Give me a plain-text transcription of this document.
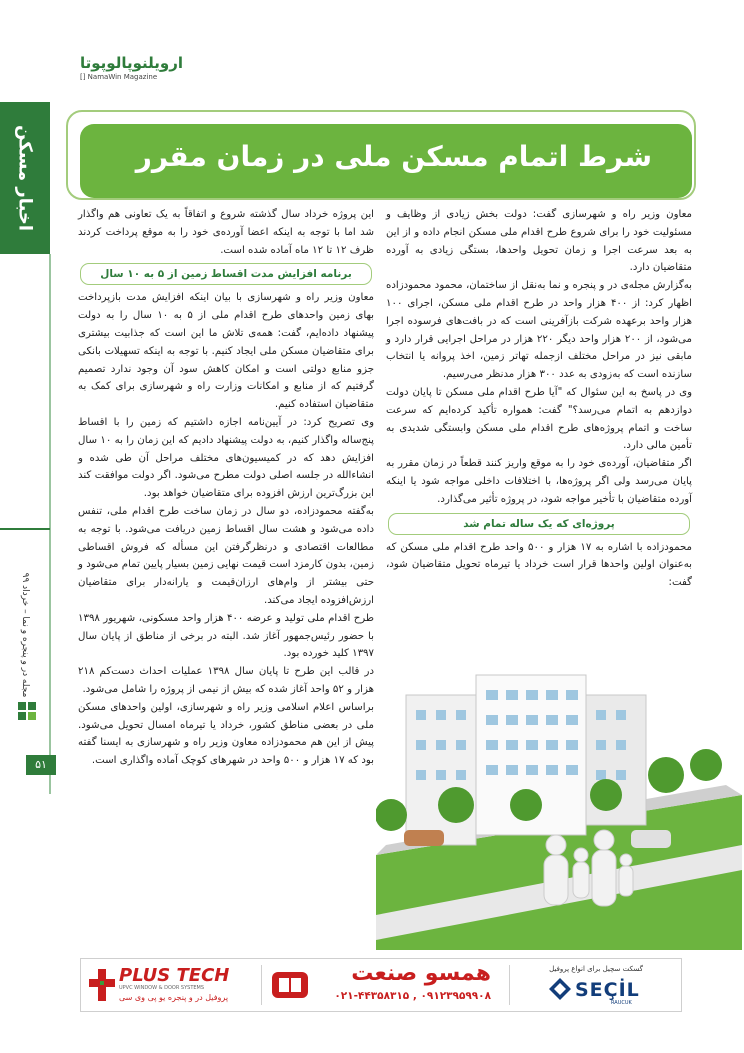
ارویلنوپالو‌پوتا
[] NamaWin Magazine
اخبار مسکن
مجله در و پنجره و نما – خرداد ۹۹
۵۱
شرط اتمام مسکن ملی در زمان مقرر

معاون وزیر راه و شهرسازی گفت: دولت بخش زیادی از وظایف و مسئولیت خود را برای شروع طرح اقدام ملی مسکن انجام داده و از این به بعد سرعت اجرا و زمان تحویل واحدها، بستگی زیادی به آورده متقاضیان دارد.

به‌گزارش مجله‌ی در و پنجره و نما به‌نقل از ساختمان، محمود محمودزاده اظهار کرد: از ۴۰۰ هزار واحد در طرح اقدام ملی مسکن، اجرای ۱۰۰ هزار واحد برعهده شرکت بازآفرینی است که در بافت‌های فرسوده اجرا می‌شود، از ۲۰۰ هزار واحد دیگر ۲۲۰ هزار در مراحل اجرایی قرار دارد و مابقی نیز در مراحل مختلف ازجمله تهاتر زمین، اخذ پروانه یا انتخاب سازنده است که به‌زودی به عدد ۳۰۰ هزار مدنظر می‌رسیم.

وی در پاسخ به این سئوال که "آیا طرح اقدام ملی مسکن تا پایان دولت دوازدهم به اتمام می‌رسد؟" گفت: همواره تأکید کرده‌ایم که سرعت ساخت و اتمام پروژه‌های طرح اقدام ملی مسکن وابستگی شدیدی به تأمین مالی دارد.

اگر متقاضیان، آورده‌ی خود را به موقع واریز کنند قطعاً در زمان مقرر به پایان می‌رسد ولی اگر پروژه‌ها، با اختلافات داخلی مواجه شود یا اینکه آورده متقاضیان با تأخیر مواجه شود، در پروژه تأثیر می‌گذارد.

پروژه‌ای که یک ساله تمام شد

محمودزاده با اشاره به ۱۷ هزار و ۵۰۰ واحد طرح اقدام ملی مسکن که به‌عنوان اولین واحدها قرار است خرداد یا تیرماه تحویل متقاضیان شود، گفت:

این پروژه خرداد سال گذشته شروع و اتفاقاً به یک تعاونی هم واگذار شد اما با توجه به اینکه اعضا آورده‌ی خود را به موقع پرداخت کردند ظرف ۱۲ تا ۱۲ ماه آماده شده است.

برنامه افزایش مدت اقساط زمین از ۵ به ۱۰ سال

معاون وزیر راه و شهرسازی با بیان اینکه افزایش مدت بازپرداخت بهای زمین واحدهای طرح اقدام ملی از ۵ به ۱۰ سال را به دولت پیشنهاد داده‌ایم، گفت: همه‌ی تلاش ما این است که جذابیت بیشتری برای متقاضیان مسکن ملی ایجاد کنیم. با توجه به اینکه تسهیلات بانکی جزو منابع دولتی است و امکان کاهش سود آن وجود ندارد تصمیم گرفتیم که از منابع و امکانات وزارت راه و شهرسازی برای کمک به متقاضیان استفاده کنیم.

وی تصریح کرد: در آیین‌نامه اجازه داشتیم که زمین را با اقساط پنج‌ساله واگذار کنیم، به دولت پیشنهاد دادیم که این زمان را به ۱۰ سال افزایش دهد که در کمیسیون‌های مختلف مراحل آن طی شده و انشاءالله در جلسه اصلی دولت مطرح می‌شود. اگر دولت موافقت کند این بزرگ‌ترین ارزش افزوده برای متقاضیان خواهد بود.

به‌گفته محمودزاده، دو سال در زمان ساخت طرح اقدام ملی، تنفس داده می‌شود و هشت سال اقساط زمین دریافت می‌شود. با توجه به مطالعات اقتصادی و درنظرگرفتن این مسأله که فروش اقساطی زمین، بدون کارمزد است قیمت نهایی زمین بسیار پایین تمام می‌شود و حتی بیشتر از وام‌های ارزان‌قیمت و یارانه‌دار برای متقاضیان ارزش‌افزوده ایجاد می‌کند.

طرح اقدام ملی تولید و عرضه ۴۰۰ هزار واحد مسکونی، شهریور ۱۳۹۸ با حضور رئیس‌جمهور آغاز شد. البته در برخی از مناطق از پایان سال ۱۳۹۷ کلید خورده بود.

در قالب این طرح تا پایان سال ۱۳۹۸ عملیات احداث دست‌کم ۲۱۸ هزار و ۵۲ واحد آغاز شده که بیش از نیمی از پروژه را شامل می‌شود.

براساس اعلام اسلامی وزیر راه و شهرسازی، اولین واحدهای مسکن ملی در بعضی مناطق کشور، خرداد یا تیرماه امسال تحویل می‌شود. پیش از این هم محمودزاده معاون وزیر راه و شهرسازی به ایسنا گفته بود که ۱۷ هزار و ۵۰۰ واحد در شهرهای کوچک آماده واگذاری است.

PLUS TECH
UPVC WINDOW & DOOR SYSTEMS
پروفیل در و پنجره یو پی وی سی
همسو صنعت
۰۲۱-۴۴۳۵۸۳۱۵ , ۰۹۱۲۳۹۵۹۹۰۸
گسکت سچیل برای انواع پروفیل
SEÇİL
RAUCUK
